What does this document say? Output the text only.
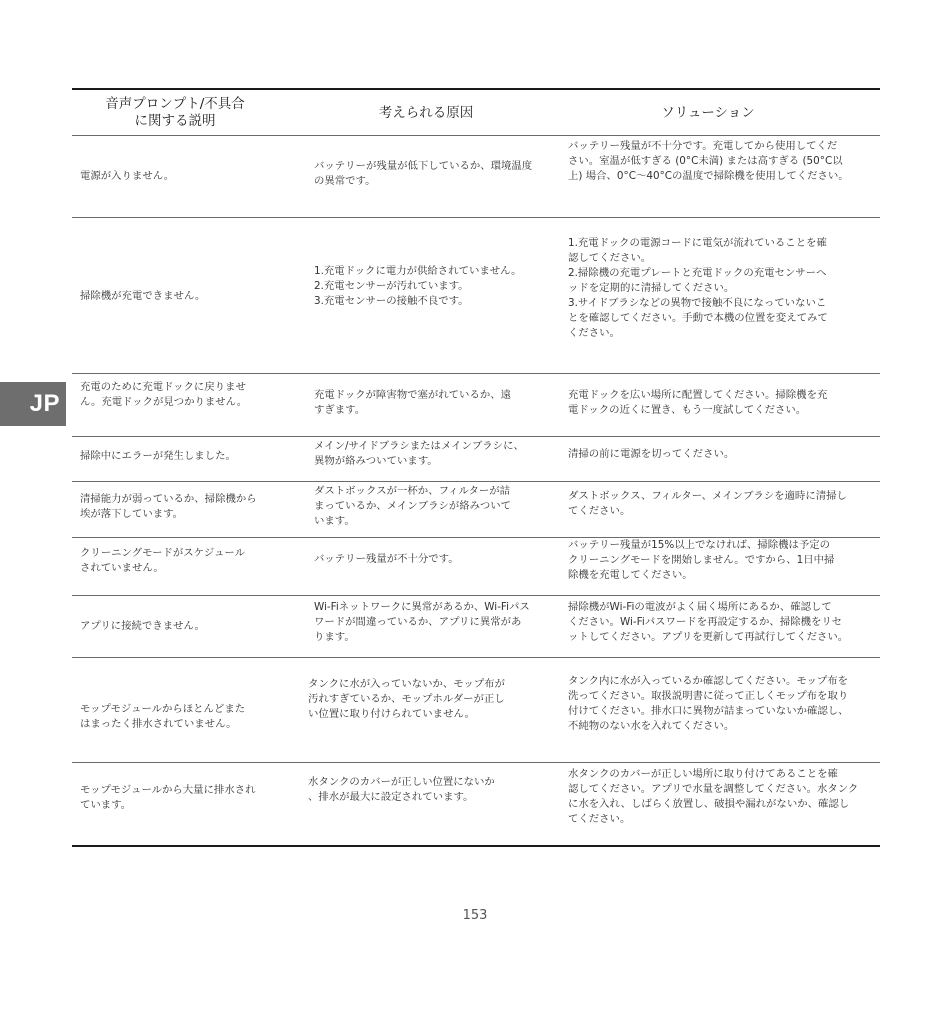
JP
音声プロンプト/不具合
に関する説明	考えられる原因	ソリューション
電源が入りません。
バッテリーが残量が低下しているか、環境温度
の異常です。
バッテリー残量が不十分です。充電してから使用してくだ
さい。室温が低すぎる (0°C未満) または高すぎる (50°C以
上) 場合、0°C〜40°Cの温度で掃除機を使用してください。
掃除機が充電できません。
1.充電ドックに電力が供給されていません。
2.充電センサーが汚れています。
3.充電センサーの接触不良です。
1.充電ドックの電源コードに電気が流れていることを確
認してください。
2.掃除機の充電プレートと充電ドックの充電センサーへ
ッドを定期的に清掃してください。
3.サイドブラシなどの異物で接触不良になっていないこ
とを確認してください。手動で本機の位置を変えてみて
ください。
充電のために充電ドックに戻りませ
ん。充電ドックが見つかりません。
充電ドックが障害物で塞がれているか、遠
すぎます。
充電ドックを広い場所に配置してください。掃除機を充
電ドックの近くに置き、もう一度試してください。
掃除中にエラーが発生しました。
メイン/サイドブラシまたはメインブラシに、
異物が絡みついています。
清掃の前に電源を切ってください。
清掃能力が弱っているか、掃除機から
埃が落下しています。
ダストボックスが一杯か、フィルターが詰
まっているか、メインブラシが絡みついて
います。
ダストボックス、フィルター、メインブラシを適時に清掃し
てください。
クリーニングモードがスケジュール
されていません。
バッテリー残量が不十分です。
バッテリー残量が15%以上でなければ、掃除機は予定の
クリーニングモードを開始しません。ですから、1日中掃
除機を充電してください。
アプリに接続できません。
Wi-Fiネットワークに異常があるか、Wi-Fiパス
ワードが間違っているか、アプリに異常があ
ります。
掃除機がWi-Fiの電波がよく届く場所にあるか、確認して
ください。Wi-Fiパスワードを再設定するか、掃除機をリセ
ットしてください。アプリを更新して再試行してください。
モップモジュールからほとんどまた
はまったく排水されていません。
タンクに水が入っていないか、モップ布が
汚れすぎているか、モップホルダーが正し
い位置に取り付けられていません。
タンク内に水が入っているか確認してください。モップ布を
洗ってください。取扱説明書に従って正しくモップ布を取り
付けてください。排水口に異物が詰まっていないか確認し、
不純物のない水を入れてください。
モップモジュールから大量に排水され
ています。
水タンクのカバーが正しい位置にないか
、排水が最大に設定されています。
水タンクのカバーが正しい場所に取り付けてあることを確
認してください。アプリで水量を調整してください。水タンク
に水を入れ、しばらく放置し、破損や漏れがないか、確認し
てください。
153
